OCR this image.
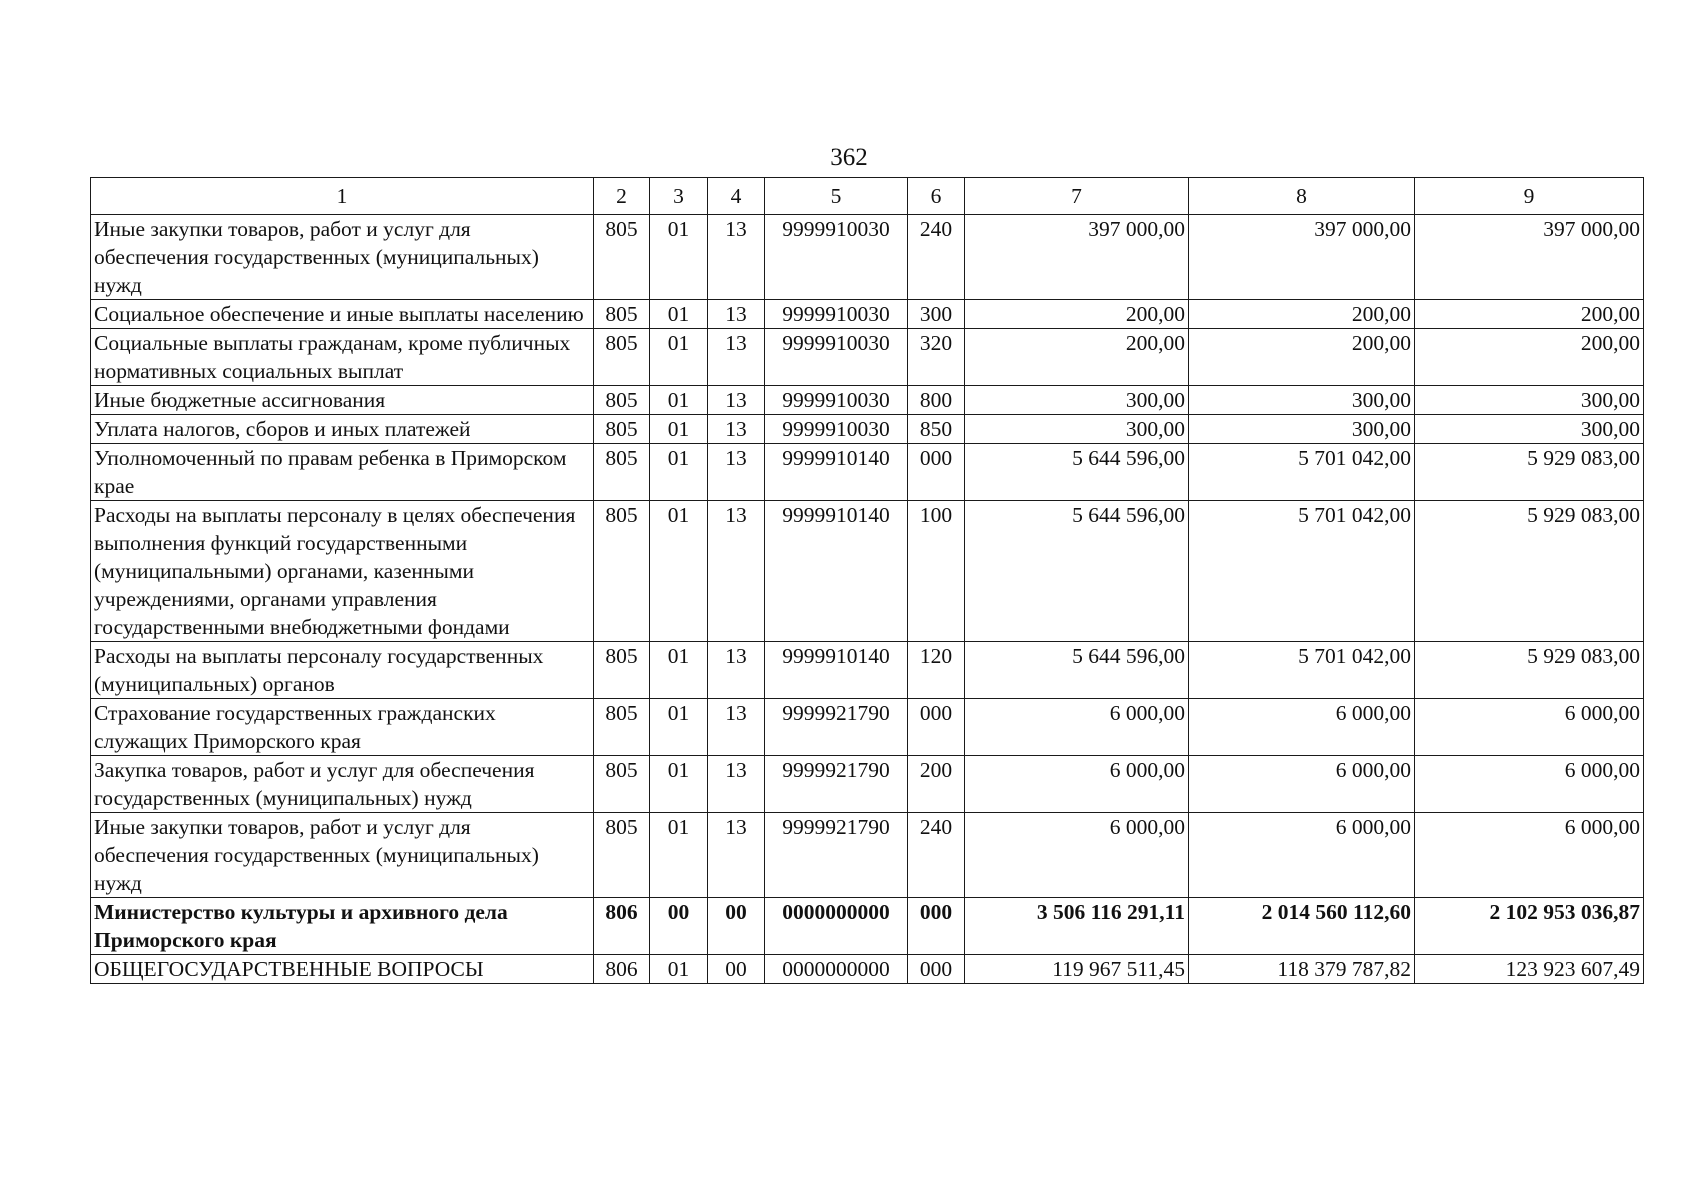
362
1	2	3	4	5	6	7	8	9
Иные закупки товаров, работ и услуг для обеспечения государственных (муниципальных) нужд	805	01	13	9999910030	240	397 000,00	397 000,00	397 000,00
Социальное обеспечение и иные выплаты населению	805	01	13	9999910030	300	200,00	200,00	200,00
Социальные выплаты гражданам, кроме публичных нормативных социальных выплат	805	01	13	9999910030	320	200,00	200,00	200,00
Иные бюджетные ассигнования	805	01	13	9999910030	800	300,00	300,00	300,00
Уплата налогов, сборов и иных платежей	805	01	13	9999910030	850	300,00	300,00	300,00
Уполномоченный по правам ребенка в Приморском крае	805	01	13	9999910140	000	5 644 596,00	5 701 042,00	5 929 083,00
Расходы на выплаты персоналу в целях обеспечения выполнения функций государственными (муниципальными) органами, казенными учреждениями, органами управления государственными внебюджетными фондами	805	01	13	9999910140	100	5 644 596,00	5 701 042,00	5 929 083,00
Расходы на выплаты персоналу государственных (муниципальных) органов	805	01	13	9999910140	120	5 644 596,00	5 701 042,00	5 929 083,00
Страхование государственных гражданских служащих Приморского края	805	01	13	9999921790	000	6 000,00	6 000,00	6 000,00
Закупка товаров, работ и услуг для обеспечения государственных (муниципальных) нужд	805	01	13	9999921790	200	6 000,00	6 000,00	6 000,00
Иные закупки товаров, работ и услуг для обеспечения государственных (муниципальных) нужд	805	01	13	9999921790	240	6 000,00	6 000,00	6 000,00
Министерство культуры и архивного дела Приморского края	806	00	00	0000000000	000	3 506 116 291,11	2 014 560 112,60	2 102 953 036,87
ОБЩЕГОСУДАРСТВЕННЫЕ ВОПРОСЫ	806	01	00	0000000000	000	119 967 511,45	118 379 787,82	123 923 607,49
